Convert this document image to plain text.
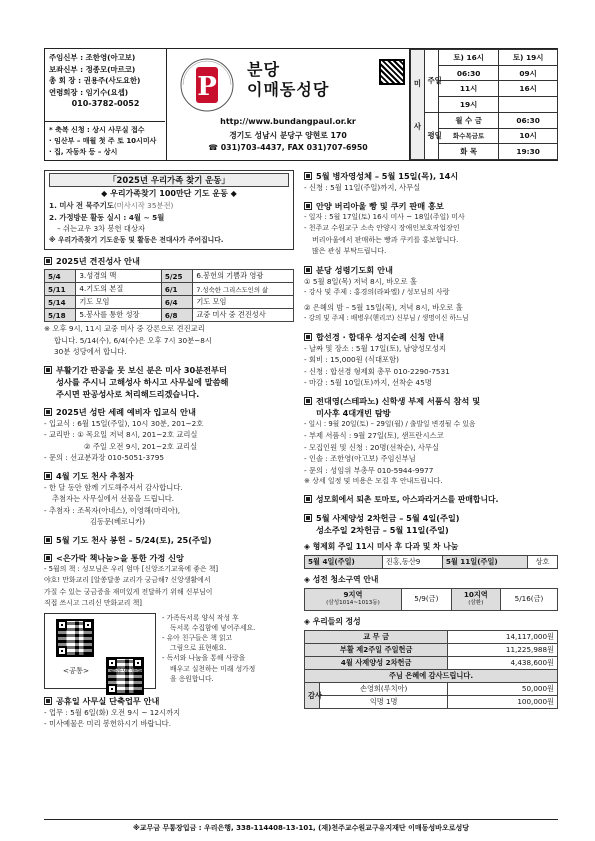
주임신부 : 조한영(아고보)
보좌신부 : 정종모(마르코)
총 회 장 : 권용주(사도요한)
연령회장 : 임기수(요셉)
010-3782-0052
* 축복 신청 : 상시 사무실 접수
· 임산부 – 매월 첫 주 토 10시미사
· 집, 자동차 등 – 상시
P
분당
이매동성당
http://www.bundangpaul.or.kr
경기도 성남시 분당구 양현로 170
☎ 031)703-4437, FAX 031)707-6950
미
사	주일	토) 16시	토) 19시
		06:30	09시
		11시	16시
		19시	

	평일	월 수 금	06:30
		화수목금토	10시
		화 목	19:30
「2025년 우리가족 찾기 운동」
◆ 우리가족찾기 100만단 기도 운동 ◆
1. 미사 전 묵주기도(미사시작 35분전)
2. 가정방문 활동 실시 : 4월 ~ 5월
– 쉬는교우 3차 봉헌 대상자
※ 우리가족찾기 기도운동 및 활동은 전대사가 주어집니다.
2025년 견진성사 안내
5/4	3.성경의 맥	5/25	6.봉헌의 기쁨과 영광
5/11	4.기도의 본질	6/1	7.성숙한 그리스도인의 삶
5/14	기도 모임	6/4	기도 모임
5/18	5.봉사를 통한 성장	6/8	교중 미사 중 견진성사
※ 오후 9시, 11시 교중 미사 중 강론으로 견진교리
합니다. 5/14(수), 6/4(수)은 오후 7시 30분~8시
30분 성당에서 합니다.
부활기간 판공을 못 보신 분은 미사 30분전부터
성사를 주시니 고해성사 하시고 사무실에 말씀해
주시면 판공성사로 처리해드리겠습니다.
2025년 성탄 세례 예비자 입교식 안내
- 입교식 : 6월 15일(주일), 10시 30분, 201~2호
- 교리반 : ① 목요일 저녁 8시, 201~2호 교리실
② 주일 오전 9시, 201~2호 교리실
- 문의 : 선교분과장 010-5051-3795
4월 기도 천사 추첨자
- 한 달 동안 함께 기도해주셔서 감사합니다.
추첨자는 사무실에서 선물을 드립니다.
- 추첨자 : 조목자(아네스), 이영해(마리아),
김동문(베로니카)
5월 기도 천사 봉헌 – 5/24(토), 25(주일)
<은가락 책나눔>을 통한 가정 신앙
- 5월의 책 : 성모님은 우리 엄마 [신앙조기교육에 좋은 책]
야호! 만화교리 [알쏭달쏭 교리가 궁금해? 신앙생활에서
가질 수 있는 궁금증을 재미있게 전달하기 위해 신부님이
직접 쓰시고 그리신 만화교리 책]
<공통>	<유아용>
- 가족독서록 양식 작성 후
독서록 수집함에 넣어주세요.
- 유아 친구들은 책 읽고
그림으로 표현해요.
- 독서와 나눔을 통해 사랑을
배우고 실천하는 미래 성가정
을 응원합니다.
공휴일 사무실 단축업무 안내
- 업무 : 5월 6일(화) 오전 9시 ~ 12시까지
- 미사예물은 미리 봉헌하시기 바랍니다.
5월 병자영성체 – 5월 15일(목), 14시
- 신청 : 5월 11일(주일)까지, 사무실
안양 버리아울 빵 및 쿠키 판매 홍보
- 일자 : 5월 17일(토) 16시 미사 ~ 18일(주일) 미사
- 천주교 수원교구 소속 안양시 장애인보호작업장인
버리아울에서 판매하는 빵과 쿠키를 홍보합니다.
많은 관심 부탁드립니다.
분당 성령기도회 안내
① 5월 8일(목) 저녁 8시, 바오로 홀
- 강사 및 주제 : 홍경의(라파엘) / 성모님의 사랑
② 은혜의 밤 – 5월 15일(목), 저녁 8시, 바오로 홀
- 강의 및 주제 : 배병우(헨리코) 신부님 / 생명이신 하느님
합선경 · 합대우 성지순례 신청 안내
- 날짜 및 장소 : 5월 17일(토), 남양성모성지
- 회비 : 15,000원 (식대포함)
- 신청 : 합선경 형제회 총무 010-2290-7531
- 마감 : 5월 10일(토)까지, 선착순 45명
전대영(스테파노) 신학생 부제 서품식 참석 및
미사후 4대개빈 탐방
- 일시 : 9월 20일(토) – 29일(월) / 출발일 변경될 수 있음
- 부제 서품식 : 9월 27일(토), 샌프란시스코
- 모집인원 및 신청 : 20명(선착순), 사무실
- 인솔 : 조한영(아고보) 주임신부님
- 문의 : 성임위 부총무 010-5944-9977
※ 상세 일정 및 비용은 모집 후 안내드립니다.
성모회에서 퇴촌 토마토, 아스파라거스를 판매합니다.
5월 사제양성 2차헌금 – 5월 4일(주일)
성소주일 2차헌금 – 5월 11일(주일)
◈ 형제회 주일 11시 미사 후 다과 및 차 나눔
5월 4일(주일)	진홍,동산9	5월 11일(주일)	상호
◈ 성전 청소구역 안내
9지역
(삼성1014~1013동)	5/9(금)	10지역
(삼환)	5/16(금)
◈ 우리들의 정성
교 무 금		14,117,000원
부활 제2주일 주일헌금		11,225,988원
4월 사제양성 2차헌금		4,438,600원
주님 은혜에 감사드립니다.		

감사	손영희(루치아)	50,000원
	익명 1명	100,000원
※교무금 무통장입금 : 우리은행, 338-114408-13-101, (재)천주교수원교구유지재단 이매동성바오로성당
